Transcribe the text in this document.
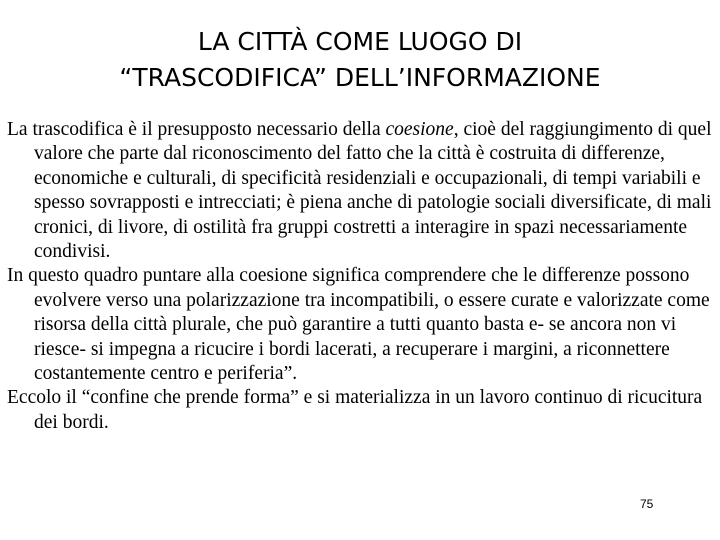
LA CITTÀ COME LUOGO DI
“TRASCODIFICA” DELL’INFORMAZIONE

La trascodifica è il presupposto necessario della coesione, cioè del raggiungimento di quel valore che parte dal riconoscimento del fatto che la città è costruita di differenze, economiche e culturali, di specificità residenziali e occupazionali, di tempi variabili e spesso sovrapposti e intrecciati; è piena anche di patologie sociali diversificate, di mali cronici, di livore, di ostilità fra gruppi costretti a interagire in spazi necessariamente condivisi.

In questo quadro puntare alla coesione significa comprendere che le differenze possono evolvere verso una polarizzazione tra incompatibili, o essere curate e valorizzate come risorsa della città plurale, che può garantire a tutti quanto basta e- se ancora non vi riesce- si impegna a ricucire i bordi lacerati, a recuperare i margini, a riconnettere costantemente centro e periferia”.

Eccolo il “confine che prende forma” e si materializza in un lavoro continuo di ricucitura dei bordi.

75
